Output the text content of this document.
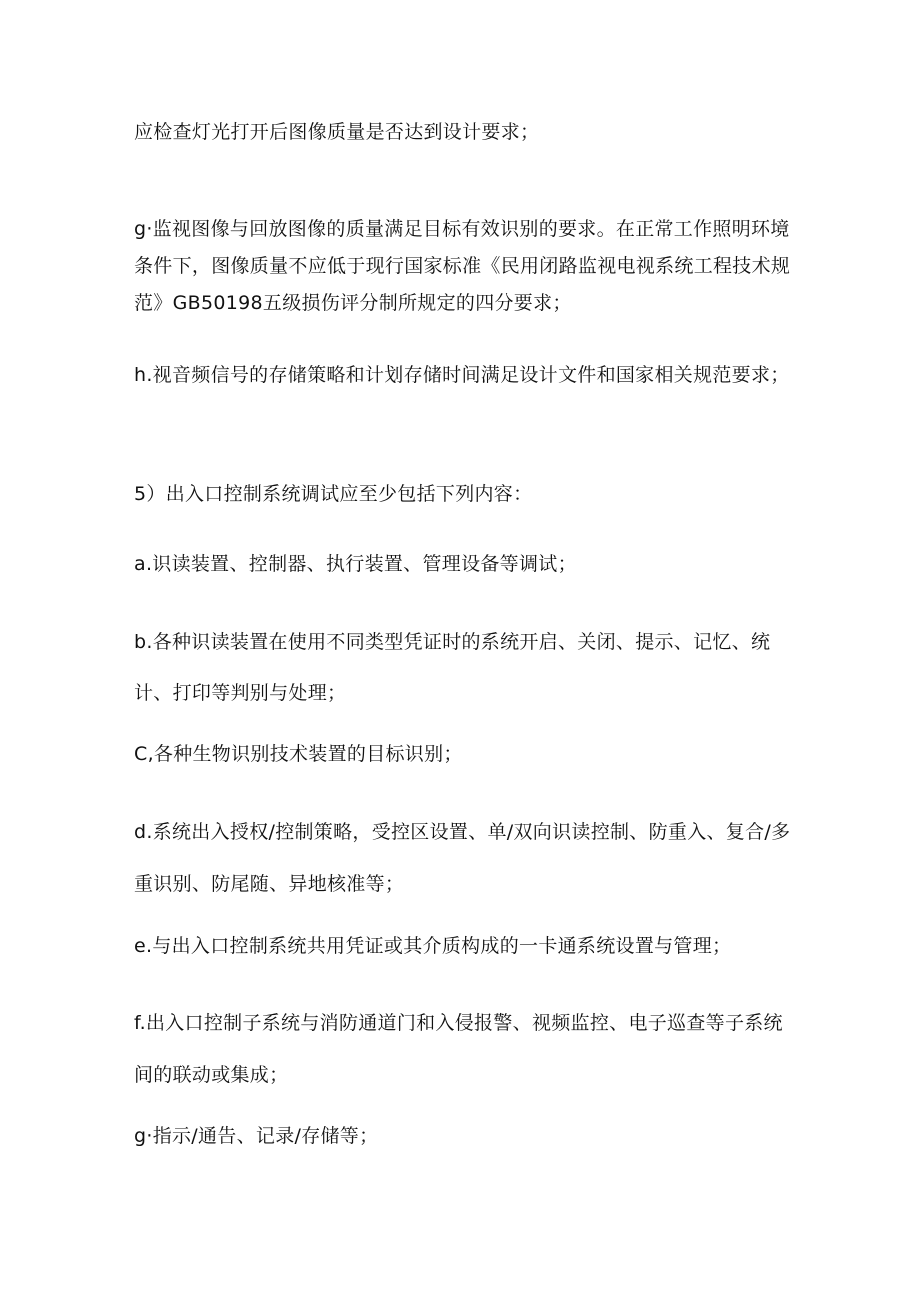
应检查灯光打开后图像质量是否达到设计要求；

g·监视图像与回放图像的质量满足目标有效识别的要求。在正常工作照明环境条件下，图像质量不应低于现行国家标准《民用闭路监视电视系统工程技术规范》GB50198五级损伤评分制所规定的四分要求；

h.视音频信号的存储策略和计划存储时间满足设计文件和国家相关规范要求；

5）出入口控制系统调试应至少包括下列内容：

a.识读装置、控制器、执行装置、管理设备等调试；

b.各种识读装置在使用不同类型凭证时的系统开启、关闭、提示、记忆、统计、打印等判别与处理；

C,各种生物识别技术装置的目标识别；

d.系统出入授权/控制策略，受控区设置、单/双向识读控制、防重入、复合/多重识别、防尾随、异地核准等；

e.与出入口控制系统共用凭证或其介质构成的一卡通系统设置与管理；

f.出入口控制子系统与消防通道门和入侵报警、视频监控、电子巡查等子系统间的联动或集成；

g·指示/通告、记录/存储等；
